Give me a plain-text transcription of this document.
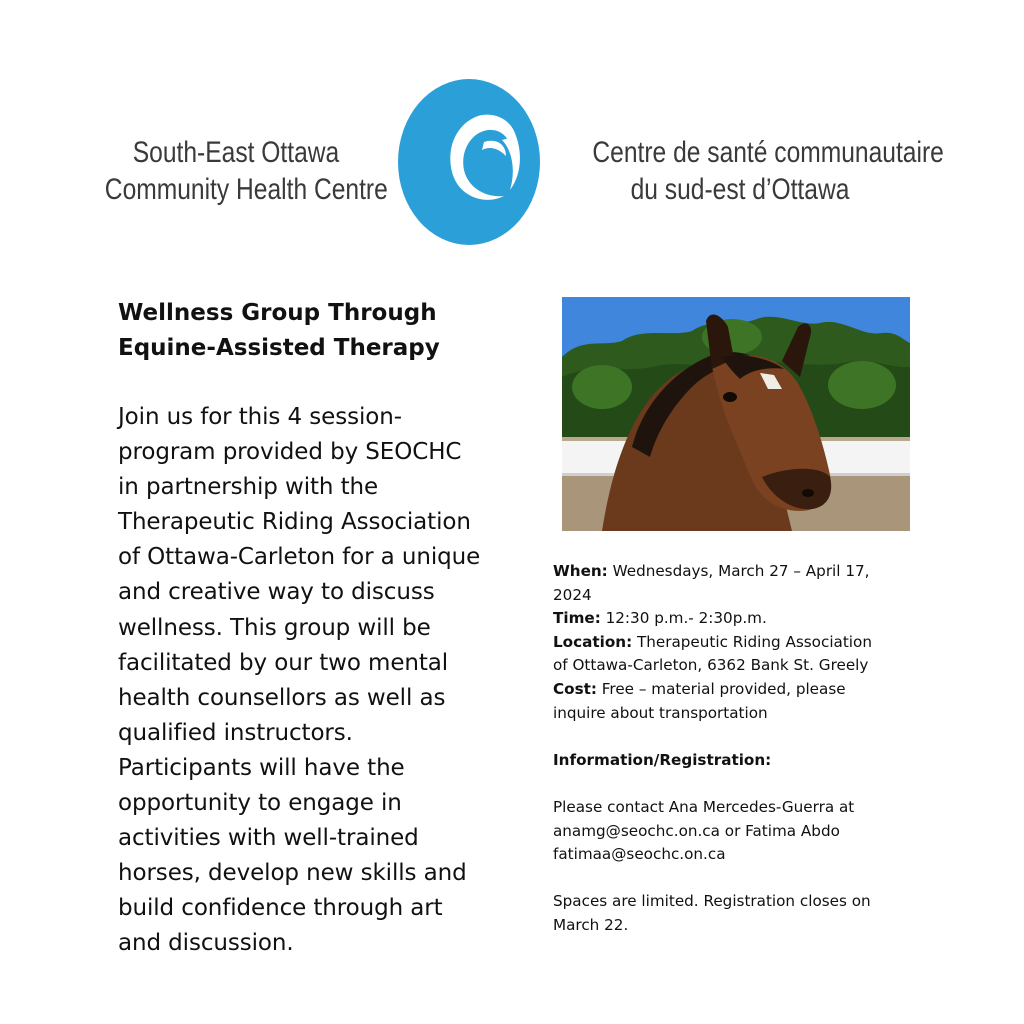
South-East Ottawa
Community Health Centre
Centre de santé communautaire
du sud-est d’Ottawa
Wellness Group Through
Equine-Assisted Therapy
Join us for this 4 session-
program provided by SEOCHC
in partnership with the
Therapeutic Riding Association
of Ottawa-Carleton for a unique
and creative way to discuss
wellness. This group will be
facilitated by our two mental
health counsellors as well as
qualified instructors.
Participants will have the
opportunity to engage in
activities with well-trained
horses, develop new skills and
build confidence through art
and discussion.
When: Wednesdays, March 27 – April 17,
2024
Time: 12:30 p.m.- 2:30p.m.
Location: Therapeutic Riding Association
of Ottawa-Carleton, 6362 Bank St. Greely
Cost: Free – material provided, please
inquire about transportation
Information/Registration:
Please contact Ana Mercedes-Guerra at
anamg@seochc.on.ca or Fatima Abdo
fatimaa@seochc.on.ca
Spaces are limited. Registration closes on
March 22.
